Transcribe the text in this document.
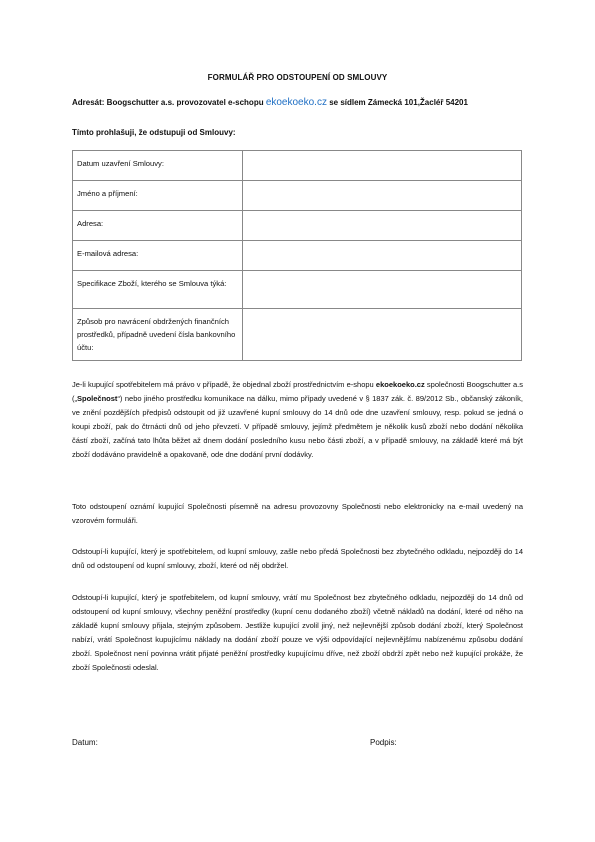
FORMULÁŘ PRO ODSTOUPENÍ OD SMLOUVY
Adresát: Boogschutter a.s. provozovatel e-schopu ekoekoeko.cz se sídlem Zámecká 101,Žacléř 54201
Tímto prohlašuji, že odstupuji od Smlouvy:
Datum uzavření Smlouvy:	
Jméno a příjmení:	
Adresa:	
E-mailová adresa:	
Specifikace Zboží, kterého se Smlouva týká:	
Způsob pro navrácení obdržených finančních prostředků, případně uvedení čísla bankovního účtu:	
Je-li kupující spotřebitelem má právo v případě, že objednal zboží prostřednictvím e-shopu ekoekoeko.cz společnosti Boogschutter a.s („Společnost“) nebo jiného prostředku komunikace na dálku, mimo případy uvedené v § 1837 zák. č. 89/2012 Sb., občanský zákoník, ve znění pozdějších předpisů odstoupit od již uzavřené kupní smlouvy do 14 dnů ode dne uzavření smlouvy, resp. pokud se jedná o koupi zboží, pak do čtrnácti dnů od jeho převzetí. V případě smlouvy, jejímž předmětem je několik kusů zboží nebo dodání několika částí zboží, začíná tato lhůta běžet až dnem dodání posledního kusu nebo části zboží, a v případě smlouvy, na základě které má být zboží dodáváno pravidelně a opakovaně, ode dne dodání první dodávky.
Toto odstoupení oznámí kupující Společnosti písemně na adresu provozovny Společnosti nebo elektronicky na e-mail uvedený na vzorovém formuláři.
Odstoupí-li kupující, který je spotřebitelem, od kupní smlouvy, zašle nebo předá Společnosti bez zbytečného odkladu, nejpozději do 14 dnů od odstoupení od kupní smlouvy, zboží, které od něj obdržel.
Odstoupí-li kupující, který je spotřebitelem, od kupní smlouvy, vrátí mu Společnost bez zbytečného odkladu, nejpozději do 14 dnů od odstoupení od kupní smlouvy, všechny peněžní prostředky (kupní cenu dodaného zboží) včetně nákladů na dodání, které od něho na základě kupní smlouvy přijala, stejným způsobem. Jestliže kupující zvolil jiný, než nejlevnější způsob dodání zboží, který Společnost nabízí, vrátí Společnost kupujícímu náklady na dodání zboží pouze ve výši odpovídající nejlevnějšímu nabízenému způsobu dodání zboží. Společnost není povinna vrátit přijaté peněžní prostředky kupujícímu dříve, než zboží obdrží zpět nebo než kupující prokáže, že zboží Společnosti odeslal.
Datum:	Podpis:
